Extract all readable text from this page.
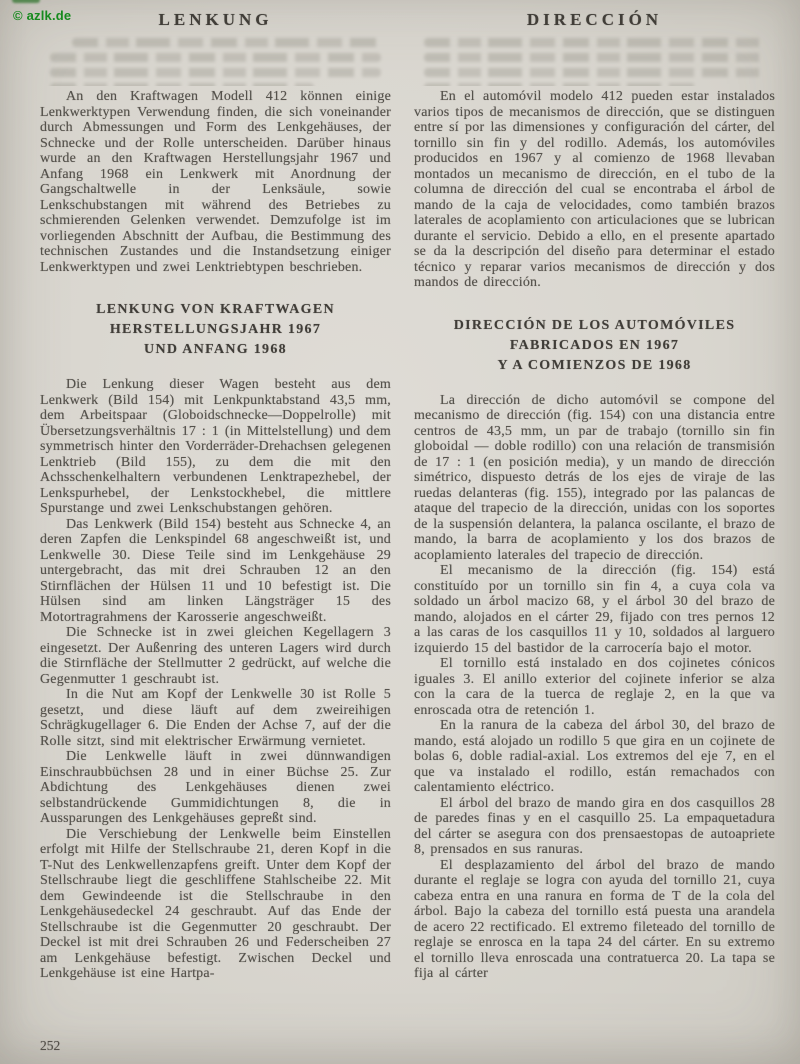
© azlk.de	LENKUNG

An den Kraftwagen Modell 412 können einige Lenkwerktypen Verwendung finden, die sich voneinander durch Abmessungen und Form des Lenkgehäuses, der Schnecke und der Rolle unterscheiden. Darüber hinaus wurde an den Kraftwagen Herstellungsjahr 1967 und Anfang 1968 ein Lenkwerk mit Anordnung der Gangschaltwelle in der Lenksäule, sowie Lenkschubstangen mit während des Betriebes zu schmierenden Gelenken verwendet. Demzufolge ist im vorliegenden Abschnitt der Aufbau, die Bestimmung des technischen Zustandes und die Instandsetzung einiger Lenkwerktypen und zwei Lenktriebtypen beschrieben.

LENKUNG VON KRAFTWAGEN
HERSTELLUNGSJAHR 1967
UND ANFANG 1968

Die Lenkung dieser Wagen besteht aus dem Lenkwerk (Bild 154) mit Lenkpunktabstand 43,5 mm, dem Arbeitspaar (Globoidschnecke—Doppelrolle) mit Übersetzungsverhältnis 17 : 1 (in Mittelstellung) und dem symmetrisch hinter den Vorderräder-Drehachsen gelegenen Lenktrieb (Bild 155), zu dem die mit den Achsschenkelhaltern verbundenen Lenktrapezhebel, der Lenkspurhebel, der Lenkstockhebel, die mittlere Spurstange und zwei Lenkschubstangen gehören.

Das Lenkwerk (Bild 154) besteht aus Schnecke 4, an deren Zapfen die Lenkspindel 68 angeschweißt ist, und Lenkwelle 30. Diese Teile sind im Lenkgehäuse 29 untergebracht, das mit drei Schrauben 12 an den Stirnflächen der Hülsen 11 und 10 befestigt ist. Die Hülsen sind am linken Längsträger 15 des Motortragrahmens der Karosserie angeschweißt.

Die Schnecke ist in zwei gleichen Kegellagern 3 eingesetzt. Der Außenring des unteren Lagers wird durch die Stirnfläche der Stellmutter 2 gedrückt, auf welche die Gegenmutter 1 geschraubt ist.

In die Nut am Kopf der Lenkwelle 30 ist Rolle 5 gesetzt, und diese läuft auf dem zweireihigen Schrägkugellager 6. Die Enden der Achse 7, auf der die Rolle sitzt, sind mit elektrischer Erwärmung vernietet.

Die Lenkwelle läuft in zwei dünnwandigen Einschraubbüchsen 28 und in einer Büchse 25. Zur Abdichtung des Lenkgehäuses dienen zwei selbstandrückende Gummidichtungen 8, die in Aussparungen des Lenkgehäuses gepreßt sind.

Die Verschiebung der Lenkwelle beim Einstellen erfolgt mit Hilfe der Stellschraube 21, deren Kopf in die T-Nut des Lenkwellenzapfens greift. Unter dem Kopf der Stellschraube liegt die geschliffene Stahlscheibe 22. Mit dem Gewindeende ist die Stellschraube in den Lenkgehäusedeckel 24 geschraubt. Auf das Ende der Stellschraube ist die Gegenmutter 20 geschraubt. Der Deckel ist mit drei Schrauben 26 und Federscheiben 27 am Lenkgehäuse befestigt. Zwischen Deckel und Lenkgehäuse ist eine Hartpa-

DIRECCIÓN

En el automóvil modelo 412 pueden estar instalados varios tipos de mecanismos de dirección, que se distinguen entre sí por las dimensiones y configuración del cárter, del tornillo sin fin y del rodillo. Además, los automóviles producidos en 1967 y al comienzo de 1968 llevaban montados un mecanismo de dirección, en el tubo de la columna de dirección del cual se encontraba el árbol de mando de la caja de velocidades, como también brazos laterales de acoplamiento con articulaciones que se lubrican durante el servicio. Debido a ello, en el presente apartado se da la descripción del diseño para determinar el estado técnico y reparar varios mecanismos de dirección y dos mandos de dirección.

DIRECCIÓN DE LOS AUTOMÓVILES
FABRICADOS EN 1967
Y A COMIENZOS DE 1968

La dirección de dicho automóvil se compone del mecanismo de dirección (fig. 154) con una distancia entre centros de 43,5 mm, un par de trabajo (tornillo sin fin globoidal — doble rodillo) con una relación de transmisión de 17 : 1 (en posición media), y un mando de dirección simétrico, dispuesto detrás de los ejes de viraje de las ruedas delanteras (fig. 155), integrado por las palancas de ataque del trapecio de la dirección, unidas con los soportes de la suspensión delantera, la palanca oscilante, el brazo de mando, la barra de acoplamiento y los dos brazos de acoplamiento laterales del trapecio de dirección.

El mecanismo de la dirección (fig. 154) está constituído por un tornillo sin fin 4, a cuya cola va soldado un árbol macizo 68, y el árbol 30 del brazo de mando, alojados en el cárter 29, fijado con tres pernos 12 a las caras de los casquillos 11 y 10, soldados al larguero izquierdo 15 del bastidor de la carrocería bajo el motor.

El tornillo está instalado en dos cojinetes cónicos iguales 3. El anillo exterior del cojinete inferior se alza con la cara de la tuerca de reglaje 2, en la que va enroscada otra de retención 1.

En la ranura de la cabeza del árbol 30, del brazo de mando, está alojado un rodillo 5 que gira en un cojinete de bolas 6, doble radial-axial. Los extremos del eje 7, en el que va instalado el rodillo, están remachados con calentamiento eléctrico.

El árbol del brazo de mando gira en dos casquillos 28 de paredes finas y en el casquillo 25. La empaquetadura del cárter se asegura con dos prensaestopas de autoapriete 8, prensados en sus ranuras.

El desplazamiento del árbol del brazo de mando durante el reglaje se logra con ayuda del tornillo 21, cuya cabeza entra en una ranura en forma de T de la cola del árbol. Bajo la cabeza del tornillo está puesta una arandela de acero 22 rectificado. El extremo fileteado del tornillo de reglaje se enrosca en la tapa 24 del cárter. En su extremo el tornillo lleva enroscada una contratuerca 20. La tapa se fija al cárter

252
